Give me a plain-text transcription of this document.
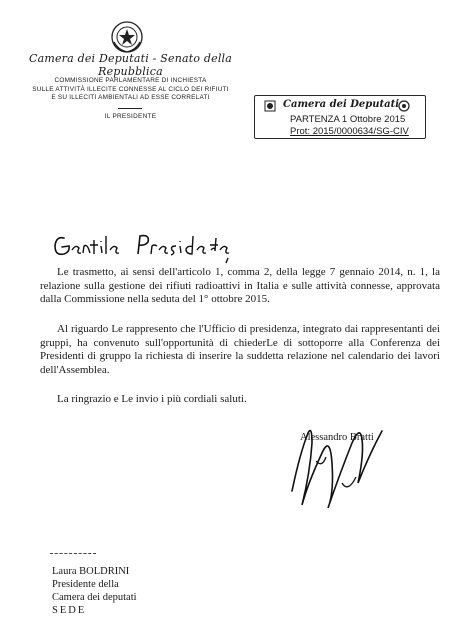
Camera dei Deputati - Senato della Repubblica
COMMISSIONE PARLAMENTARE DI INCHIESTA
SULLE ATTIVITÀ ILLECITE CONNESSE AL CICLO DEI RIFIUTI
E SU ILLECITI AMBIENTALI AD ESSE CORRELATI
IL PRESIDENTE
Camera dei Deputati
PARTENZA 1 Ottobre 2015
Prot: 2015/0000634/SG-CIV
Le trasmetto, ai sensi dell'articolo 1, comma 2, della legge 7 gennaio 2014, n. 1, la relazione sulla gestione dei rifiuti radioattivi in Italia e sulle attività connesse, approvata dalla Commissione nella seduta del 1° ottobre 2015.
Al riguardo Le rappresento che l'Ufficio di presidenza, integrato dai rappresentanti dei gruppi, ha convenuto sull'opportunità di chiederLe di sottoporre alla Conferenza dei Presidenti di gruppo la richiesta di inserire la suddetta relazione nel calendario dei lavori dell'Assemblea.
La ringrazio e Le invio i più cordiali saluti.
Alessandro Bratti
Laura BOLDRINI
Presidente della
Camera dei deputati
SEDE
